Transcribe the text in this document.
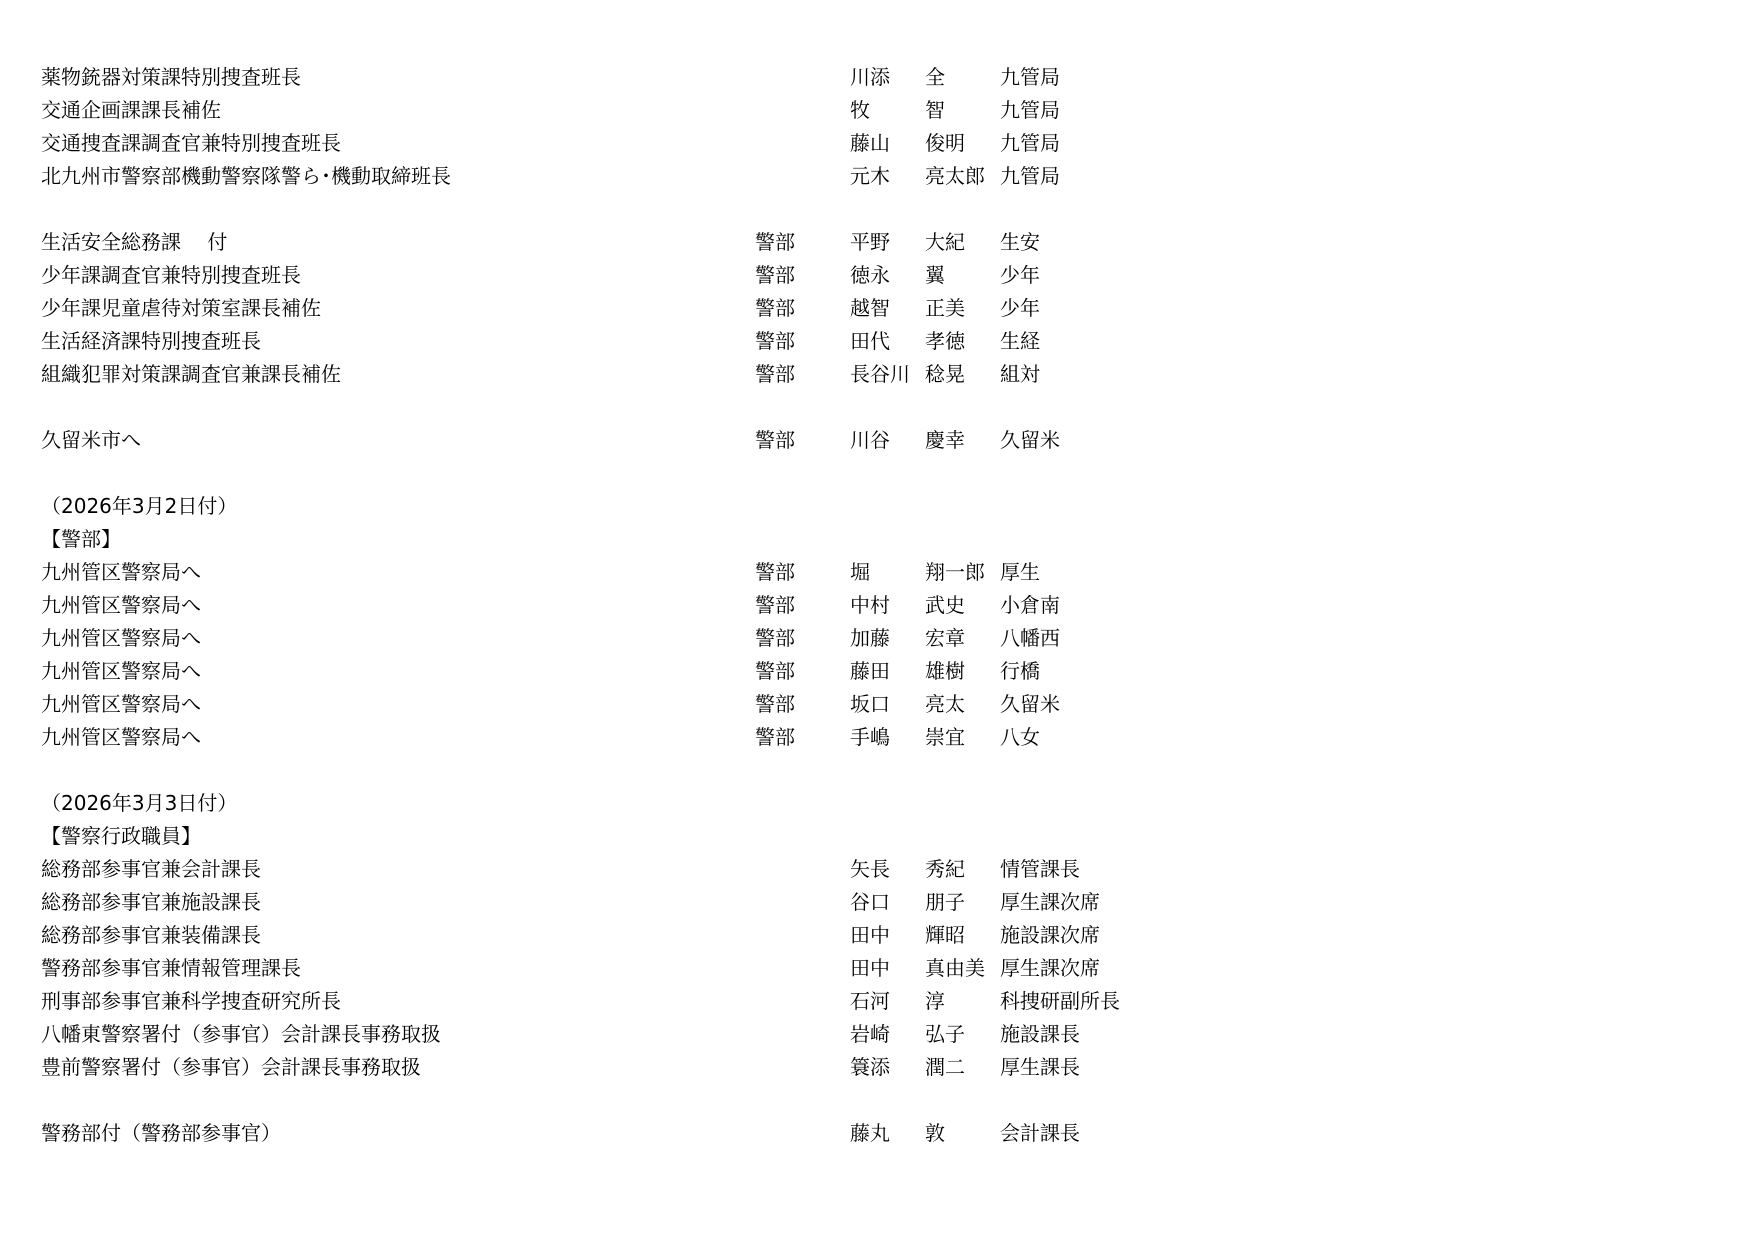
薬物銃器対策課特別捜査班長	川添 全	九管局
交通企画課課長補佐	牧	智	九管局
交通捜査課調査官兼特別捜査班長	藤山 俊明 九管局
北九州市警察部機動警察隊警ら･機動取締班長	元木 亮太郎 九管局
生活安全総務課　 付	警部	平野 大紀 生安
少年課調査官兼特別捜査班長	警部	徳永 翼	少年
少年課児童虐待対策室課長補佐	警部	越智 正美 少年
生活経済課特別捜査班長	警部	田代 孝徳 生経
組織犯罪対策課調査官兼課長補佐	警部	長谷川 稔晃 組対
久留米市へ	警部	川谷 慶幸 久留米
（2026年3月2日付）
【警部】
九州管区警察局へ	警部	堀	翔一郎 厚生
九州管区警察局へ	警部	中村 武史 小倉南
九州管区警察局へ	警部	加藤 宏章 八幡西
九州管区警察局へ	警部	藤田 雄樹 行橋
九州管区警察局へ	警部	坂口 亮太 久留米
九州管区警察局へ	警部	手嶋 崇宜 八女
（2026年3月3日付）
【警察行政職員】
総務部参事官兼会計課長	矢長 秀紀 情管課長
総務部参事官兼施設課長	谷口 朋子 厚生課次席
総務部参事官兼装備課長	田中 輝昭 施設課次席
警務部参事官兼情報管理課長	田中 真由美 厚生課次席
刑事部参事官兼科学捜査研究所長	石河 淳	科捜研副所長
八幡東警察署付（参事官）会計課長事務取扱	岩崎 弘子 施設課長
豊前警察署付（参事官）会計課長事務取扱	簑添 潤二 厚生課長
警務部付（警務部参事官）	藤丸 敦	会計課長
